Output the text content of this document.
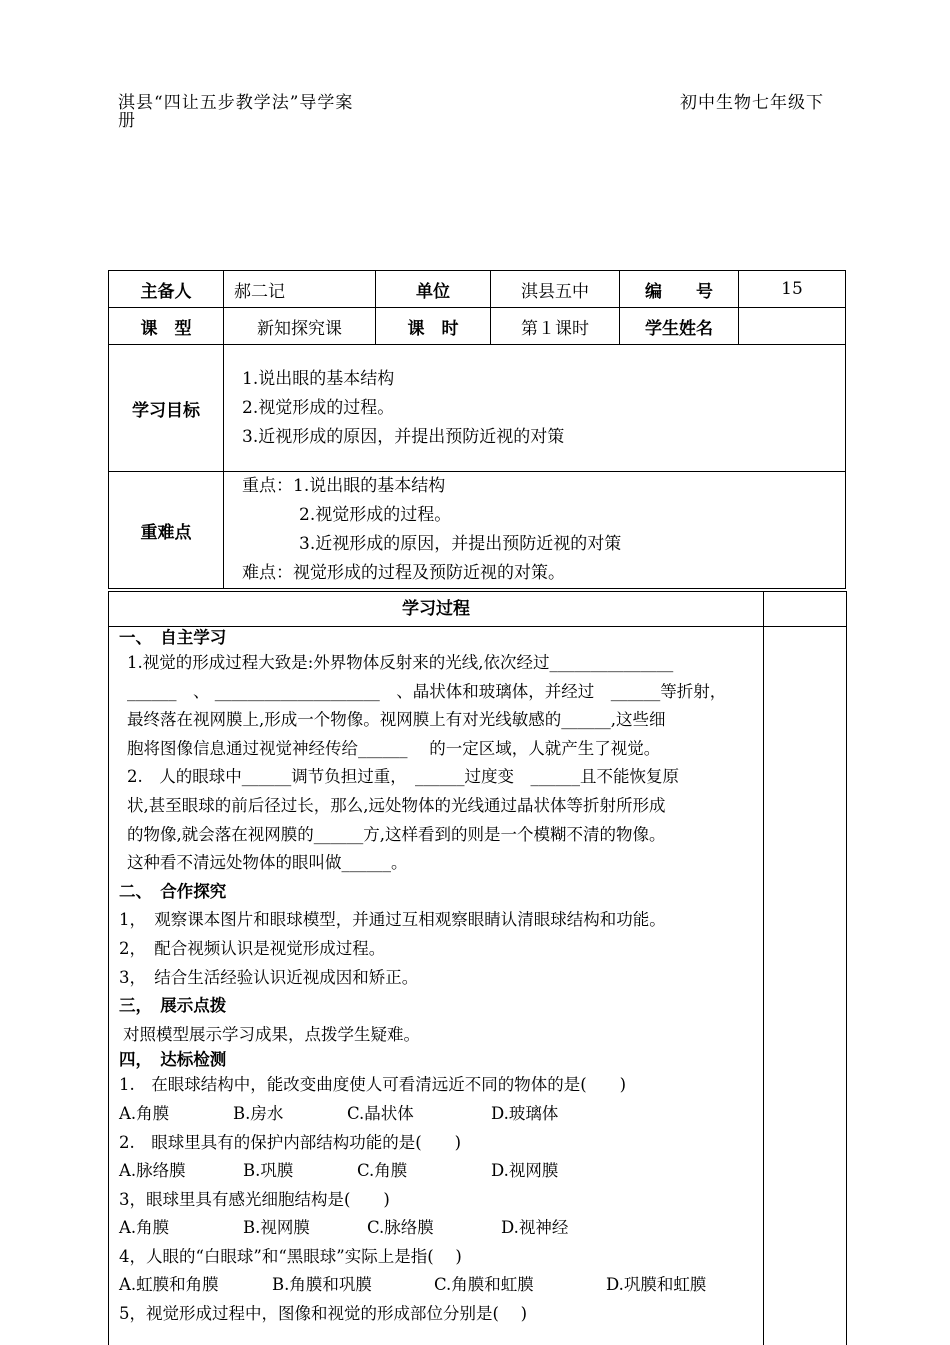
淇县“四让五步教学法”导学案
册
初中生物七年级下
主备人	郝二记	单位	淇县五中	编　　号	15
课　型	新知探究课	课　时	第１课时	学生姓名	
学习目标	1.说出眼的基本结构
2.视觉形成的过程。
3.近视形成的原因，并提出预防近视的对策				

重难点	重点：1.说出眼的基本结构
2.视觉形成的过程。
3.近视形成的原因，并提出预防近视的对策
难点：视觉形成的过程及预防近视的对策。				
学习过程
一、　自主学习
1.视觉的形成过程大致是:外界物体反射来的光线,依次经过_______________
______　、 ____________________　、晶状体和玻璃体，并经过　______等折射，
最终落在视网膜上,形成一个物像。视网膜上有对光线敏感的______,这些细
胞将图像信息通过视觉神经传给______　 的一定区域，人就产生了视觉。
2.　人的眼球中______调节负担过重，　______过度变　______且不能恢复原
状,甚至眼球的前后径过长，那么,远处物体的光线通过晶状体等折射所形成
的物像,就会落在视网膜的______方,这样看到的则是一个模糊不清的物像。
这种看不清远处物体的眼叫做______。
二、　合作探究
1，　观察课本图片和眼球模型，并通过互相观察眼睛认清眼球结构和功能。
2，　配合视频认识是视觉形成过程。
3，　结合生活经验认识近视成因和矫正。
三，　展示点拨
对照模型展示学习成果，点拨学生疑难。
四，　达标检测
1.　在眼球结构中，能改变曲度使人可看清远近不同的物体的是(　　)
A.角膜	B.房水	C.晶状体	D.玻璃体
2.　眼球里具有的保护内部结构功能的是(　　)
A.脉络膜	B.巩膜	C.角膜	D.视网膜
3，眼球里具有感光细胞结构是(　　)
A.角膜	B.视网膜	C.脉络膜	D.视神经
4，人眼的“白眼球”和“黑眼球”实际上是指(　 )
A.虹膜和角膜	B.角膜和巩膜	C.角膜和虹膜	D.巩膜和虹膜
5，视觉形成过程中，图像和视觉的形成部位分别是(　 )
